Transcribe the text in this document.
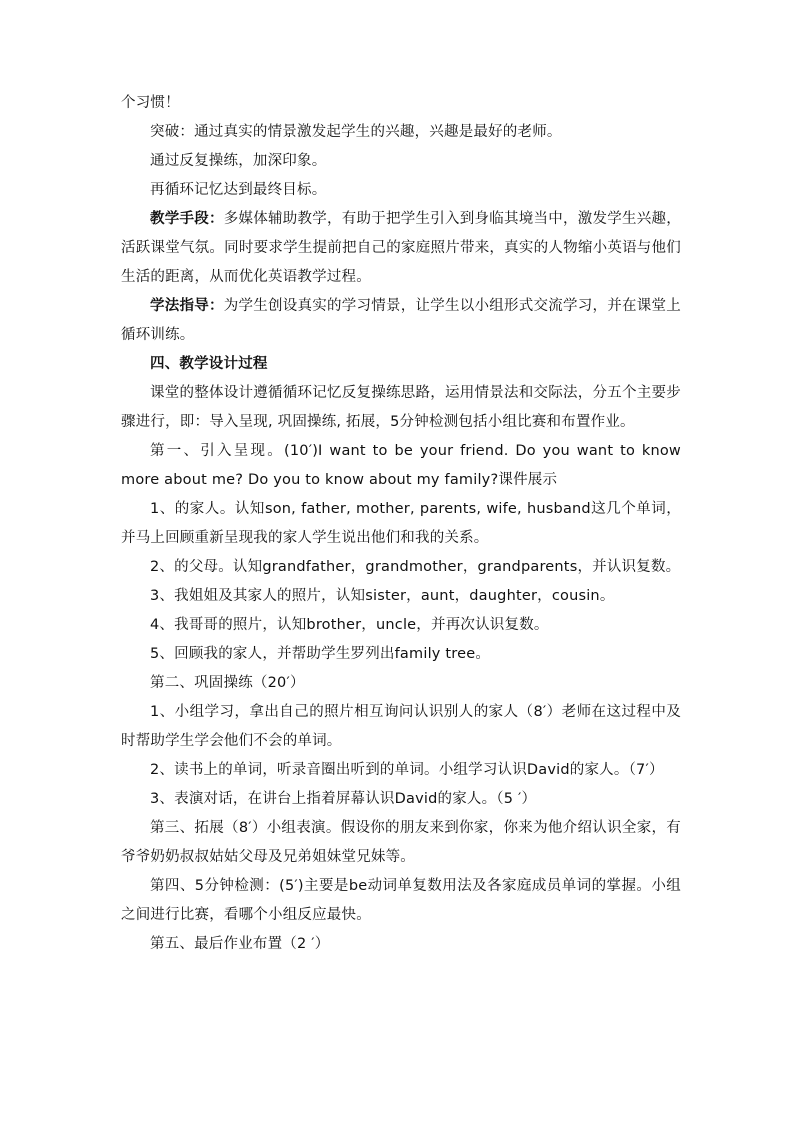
个习惯！

突破：通过真实的情景激发起学生的兴趣，兴趣是最好的老师。

通过反复操练，加深印象。

再循环记忆达到最终目标。

教学手段：多媒体辅助教学，有助于把学生引入到身临其境当中，激发学生兴趣，活跃课堂气氛。同时要求学生提前把自己的家庭照片带来，真实的人物缩小英语与他们生活的距离，从而优化英语教学过程。

学法指导：为学生创设真实的学习情景，让学生以小组形式交流学习，并在课堂上循环训练。

四、教学设计过程

课堂的整体设计遵循循环记忆反复操练思路，运用情景法和交际法，分五个主要步骤进行，即：导入呈现, 巩固操练, 拓展，5分钟检测包括小组比赛和布置作业。

第一、引入呈现。(10′)I want to be your friend. Do you want to know more about me? Do you to know about my family?课件展示

1、的家人。认知son, father, mother, parents, wife, husband这几个单词，并马上回顾重新呈现我的家人学生说出他们和我的关系。

2、的父母。认知grandfather，grandmother，grandparents，并认识复数。

3、我姐姐及其家人的照片，认知sister，aunt，daughter，cousin。

4、我哥哥的照片，认知brother，uncle，并再次认识复数。

5、回顾我的家人，并帮助学生罗列出family tree。

第二、巩固操练（20′）

1、小组学习，拿出自己的照片相互询问认识别人的家人（8′）老师在这过程中及时帮助学生学会他们不会的单词。

2、读书上的单词，听录音圈出听到的单词。小组学习认识David的家人。（7′）

3、表演对话，在讲台上指着屏幕认识David的家人。（5 ′）

第三、拓展（8′）小组表演。假设你的朋友来到你家，你来为他介绍认识全家，有爷爷奶奶叔叔姑姑父母及兄弟姐妹堂兄妹等。

第四、5分钟检测：(5′)主要是be动词单复数用法及各家庭成员单词的掌握。小组之间进行比赛，看哪个小组反应最快。

第五、最后作业布置（2 ′）
